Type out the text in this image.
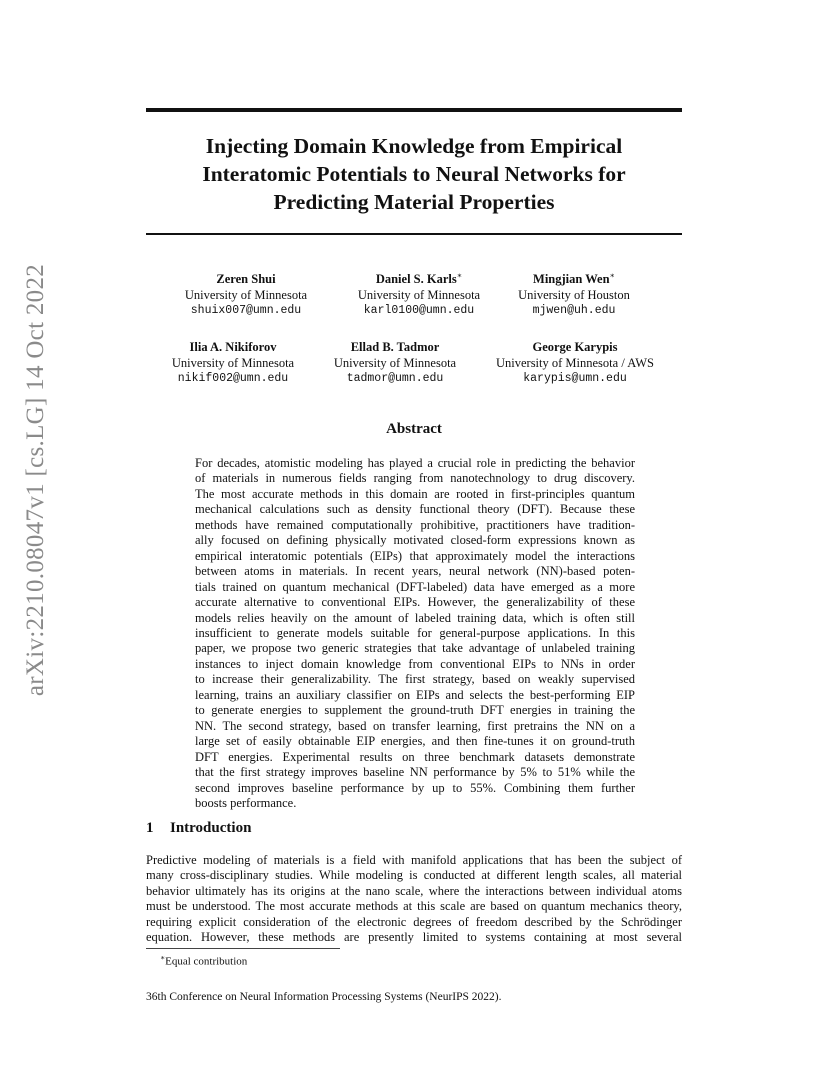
arXiv:2210.08047v1 [cs.LG] 14 Oct 2022
Injecting Domain Knowledge from Empirical
Interatomic Potentials to Neural Networks for
Predicting Material Properties
Zeren Shui
University of Minnesota
shuix007@umn.edu
Daniel S. Karls∗
University of Minnesota
karl0100@umn.edu
Mingjian Wen∗
University of Houston
mjwen@uh.edu
Ilia A. Nikiforov
University of Minnesota
nikif002@umn.edu
Ellad B. Tadmor
University of Minnesota
tadmor@umn.edu
George Karypis
University of Minnesota / AWS
karypis@umn.edu
Abstract
For decades, atomistic modeling has played a crucial role in predicting the behavior
of materials in numerous fields ranging from nanotechnology to drug discovery.
The most accurate methods in this domain are rooted in first-principles quantum
mechanical calculations such as density functional theory (DFT). Because these
methods have remained computationally prohibitive, practitioners have tradition-
ally focused on defining physically motivated closed-form expressions known as
empirical interatomic potentials (EIPs) that approximately model the interactions
between atoms in materials. In recent years, neural network (NN)-based poten-
tials trained on quantum mechanical (DFT-labeled) data have emerged as a more
accurate alternative to conventional EIPs. However, the generalizability of these
models relies heavily on the amount of labeled training data, which is often still
insufficient to generate models suitable for general-purpose applications. In this
paper, we propose two generic strategies that take advantage of unlabeled training
instances to inject domain knowledge from conventional EIPs to NNs in order
to increase their generalizability. The first strategy, based on weakly supervised
learning, trains an auxiliary classifier on EIPs and selects the best-performing EIP
to generate energies to supplement the ground-truth DFT energies in training the
NN. The second strategy, based on transfer learning, first pretrains the NN on a
large set of easily obtainable EIP energies, and then fine-tunes it on ground-truth
DFT energies. Experimental results on three benchmark datasets demonstrate
that the first strategy improves baseline NN performance by 5% to 51% while the
second improves baseline performance by up to 55%. Combining them further
boosts performance.
1 Introduction
Predictive modeling of materials is a field with manifold applications that has been the subject of
many cross-disciplinary studies. While modeling is conducted at different length scales, all material
behavior ultimately has its origins at the nano scale, where the interactions between individual atoms
must be understood. The most accurate methods at this scale are based on quantum mechanics theory,
requiring explicit consideration of the electronic degrees of freedom described by the Schrödinger
equation. However, these methods are presently limited to systems containing at most several
∗Equal contribution
36th Conference on Neural Information Processing Systems (NeurIPS 2022).
